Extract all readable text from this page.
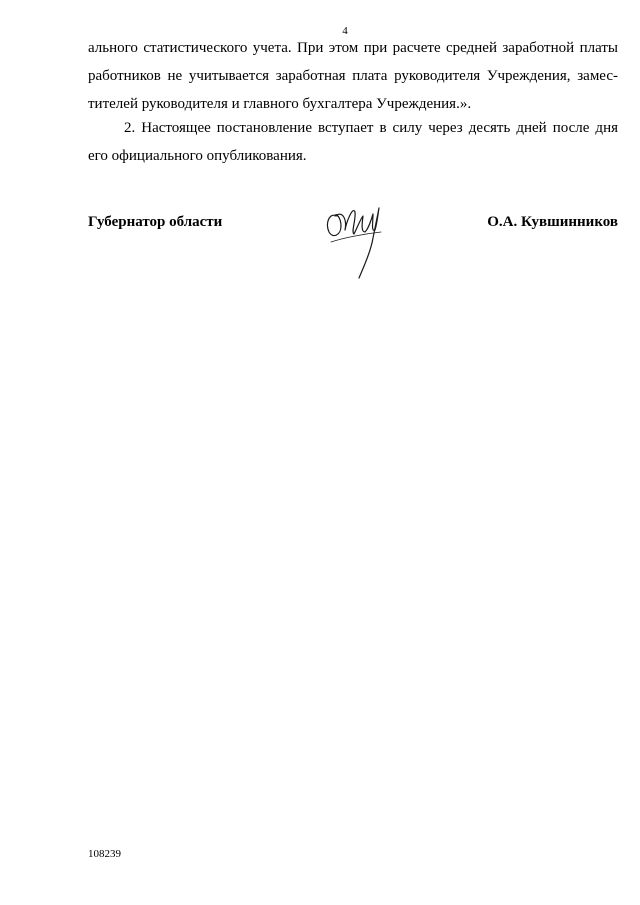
4
ального статистического учета. При этом при расчете средней заработной платы
работников не учитывается заработная плата руководителя Учреждения, замес-
тителей руководителя и главного бухгалтера Учреждения.».
2. Настоящее постановление вступает в силу через десять дней после дня
его официального опубликования.
Губернатор области	О.А. Кувшинников
108239
